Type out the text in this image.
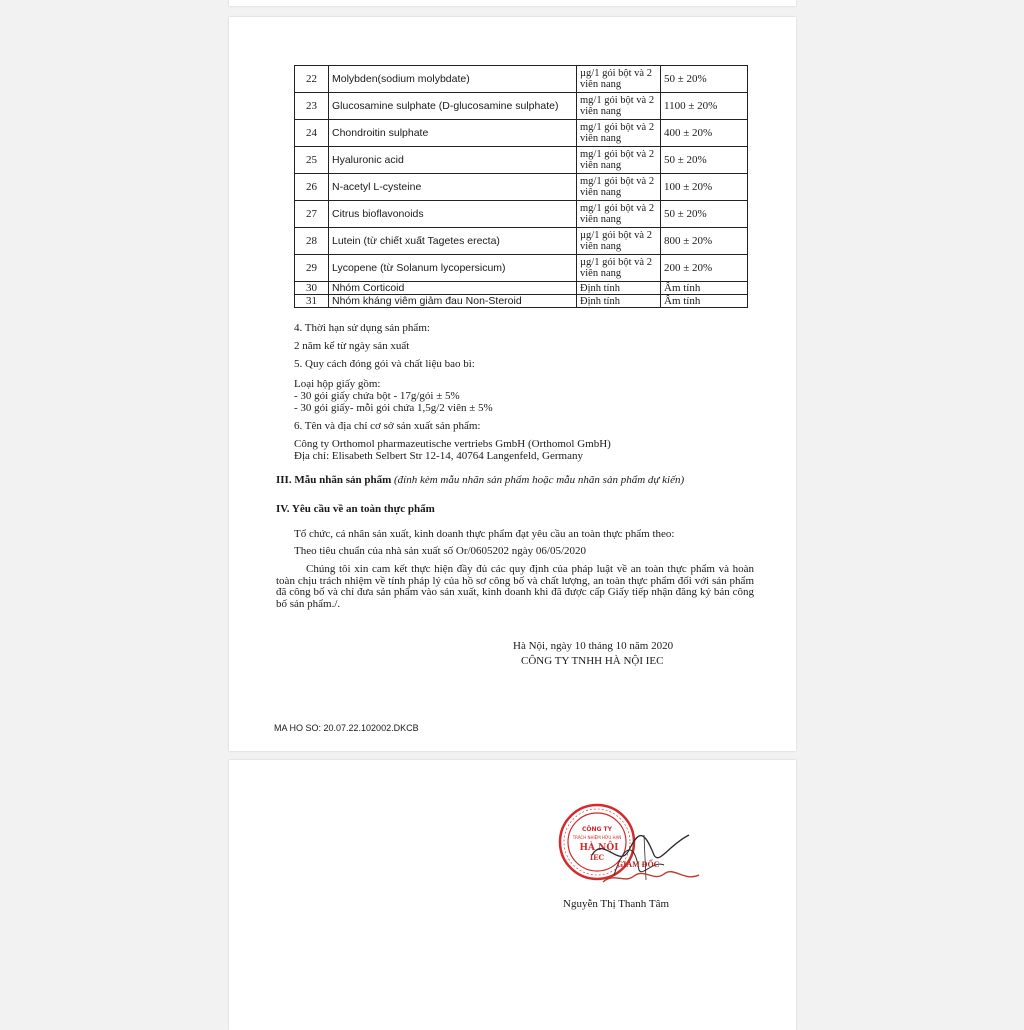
22	Molybden(sodium molybdate)	µg/1 gói bột và 2 viên nang	50 ± 20%
23	Glucosamine sulphate (D-glucosamine sulphate)	mg/1 gói bột và 2 viên nang	1100 ± 20%
24	Chondroitin sulphate	mg/1 gói bột và 2 viên nang	400 ± 20%
25	Hyaluronic acid	mg/1 gói bột và 2 viên nang	50 ± 20%
26	N-acetyl L-cysteine	mg/1 gói bột và 2 viên nang	100 ± 20%
27	Citrus bioflavonoids	mg/1 gói bột và 2 viên nang	50 ± 20%
28	Lutein (từ chiết xuất Tagetes erecta)	µg/1 gói bột và 2 viên nang	800 ± 20%
29	Lycopene (từ Solanum lycopersicum)	µg/1 gói bột và 2 viên nang	200 ± 20%
30	Nhóm Corticoid	Định tính	Âm tính
31	Nhóm kháng viêm giảm đau Non-Steroid	Định tính	Âm tính
4. Thời hạn sử dụng sản phẩm:
2 năm kể từ ngày sản xuất
5. Quy cách đóng gói và chất liệu bao bì:
Loại hộp giấy gồm:
- 30 gói giấy chứa bột - 17g/gói ± 5%
- 30 gói giấy- mỗi gói chứa 1,5g/2 viên ± 5%
6. Tên và địa chỉ cơ sở sản xuất sản phẩm:
Công ty Orthomol pharmazeutische vertriebs GmbH (Orthomol GmbH)
Địa chỉ: Elisabeth Selbert Str 12-14, 40764 Langenfeld, Germany
III. Mẫu nhãn sản phẩm (đính kèm mẫu nhãn sản phẩm hoặc mẫu nhãn sản phẩm dự kiến)
IV. Yêu cầu về an toàn thực phẩm
Tổ chức, cá nhân sản xuất, kinh doanh thực phẩm đạt yêu cầu an toàn thực phẩm theo:
Theo tiêu chuẩn của nhà sản xuất số Or/0605202 ngày 06/05/2020
Chúng tôi xin cam kết thực hiện đầy đủ các quy định của pháp luật về an toàn thực phẩm và hoàn toàn chịu trách nhiệm về tính pháp lý của hồ sơ công bố và chất lượng, an toàn thực phẩm đối với sản phẩm đã công bố và chỉ đưa sản phẩm vào sản xuất, kinh doanh khi đã được cấp Giấy tiếp nhận đăng ký bản công bố sản phẩm./.
Hà Nội, ngày 10 tháng 10 năm 2020
CÔNG TY TNHH HÀ NỘI IEC
MA HO SO: 20.07.22.102002.DKCB
CÔNG TY
TRÁCH NHIỆM HỮU HẠN
HÀ NỘI
IEC
GIÁM ĐỐC
Nguyễn Thị Thanh Tâm
